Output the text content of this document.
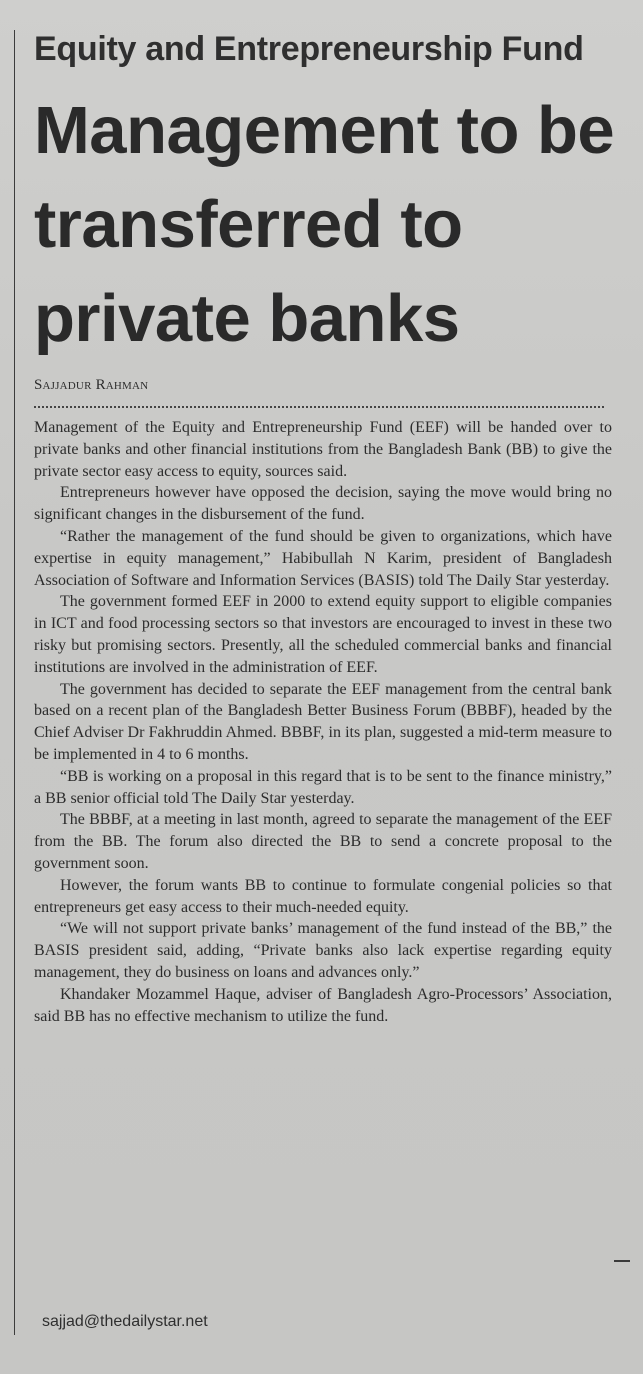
Equity and Entrepreneurship Fund
Management to be
transferred to
private banks
Sajjadur Rahman

Management of the Equity and Entrepreneurship Fund (EEF) will be handed over to private banks and other financial institutions from the Bangladesh Bank (BB) to give the private sector easy access to equity, sources said.

Entrepreneurs however have opposed the decision, saying the move would bring no significant changes in the disbursement of the fund.

“Rather the management of the fund should be given to organizations, which have expertise in equity management,” Habibullah N Karim, president of Bangladesh Association of Software and Information Services (BASIS) told The Daily Star yesterday.

The government formed EEF in 2000 to extend equity support to eligible companies in ICT and food processing sectors so that investors are encouraged to invest in these two risky but promising sectors. Presently, all the scheduled commercial banks and financial institutions are involved in the administration of EEF.

The government has decided to separate the EEF management from the central bank based on a recent plan of the Bangladesh Better Business Forum (BBBF), headed by the Chief Adviser Dr Fakhruddin Ahmed. BBBF, in its plan, suggested a mid-term measure to be implemented in 4 to 6 months.

“BB is working on a proposal in this regard that is to be sent to the finance ministry,” a BB senior official told The Daily Star yesterday.

The BBBF, at a meeting in last month, agreed to separate the management of the EEF from the BB. The forum also directed the BB to send a concrete proposal to the government soon.

However, the forum wants BB to continue to formulate congenial policies so that entrepreneurs get easy access to their much-needed equity.

“We will not support private banks’ management of the fund instead of the BB,” the BASIS president said, adding, “Private banks also lack expertise regarding equity management, they do business on loans and advances only.”

Khandaker Mozammel Haque, adviser of Bangladesh Agro-Processors’ Association, said BB has no effective mechanism to utilize the fund.

sajjad@thedailystar.net
